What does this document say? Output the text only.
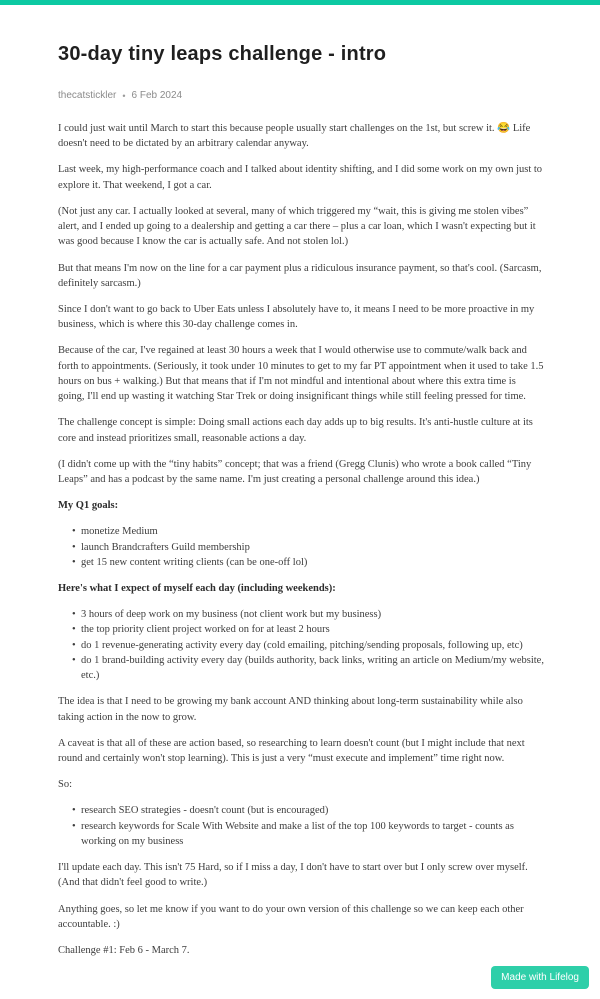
30-day tiny leaps challenge - intro
thecatstickler • 6 Feb 2024

I could just wait until March to start this because people usually start challenges on the 1st, but screw it. 😂 Life doesn't need to be dictated by an arbitrary calendar anyway.

Last week, my high-performance coach and I talked about identity shifting, and I did some work on my own just to explore it. That weekend, I got a car.

(Not just any car. I actually looked at several, many of which triggered my “wait, this is giving me stolen vibes” alert, and I ended up going to a dealership and getting a car there – plus a car loan, which I wasn't expecting but it was good because I know the car is actually safe. And not stolen lol.)

But that means I'm now on the line for a car payment plus a ridiculous insurance payment, so that's cool. (Sarcasm, definitely sarcasm.)

Since I don't want to go back to Uber Eats unless I absolutely have to, it means I need to be more proactive in my business, which is where this 30-day challenge comes in.

Because of the car, I've regained at least 30 hours a week that I would otherwise use to commute/walk back and forth to appointments. (Seriously, it took under 10 minutes to get to my far PT appointment when it used to take 1.5 hours on bus + walking.) But that means that if I'm not mindful and intentional about where this extra time is going, I'll end up wasting it watching Star Trek or doing insignificant things while still feeling pressed for time.

The challenge concept is simple: Doing small actions each day adds up to big results. It's anti-hustle culture at its core and instead prioritizes small, reasonable actions a day.

(I didn't come up with the “tiny habits” concept; that was a friend (Gregg Clunis) who wrote a book called “Tiny Leaps” and has a podcast by the same name. I'm just creating a personal challenge around this idea.)

My Q1 goals:
• monetize Medium
• launch Brandcrafters Guild membership
• get 15 new content writing clients (can be one-off lol)
Here's what I expect of myself each day (including weekends):
• 3 hours of deep work on my business (not client work but my business)
• the top priority client project worked on for at least 2 hours
• do 1 revenue-generating activity every day (cold emailing, pitching/sending proposals, following up, etc)
• do 1 brand-building activity every day (builds authority, back links, writing an article on Medium/my website, etc.)

The idea is that I need to be growing my bank account AND thinking about long-term sustainability while also taking action in the now to grow.

A caveat is that all of these are action based, so researching to learn doesn't count (but I might include that next round and certainly won't stop learning). This is just a very “must execute and implement” time right now.

So:

• research SEO strategies - doesn't count (but is encouraged)
• research keywords for Scale With Website and make a list of the top 100 keywords to target - counts as working on my business

I'll update each day. This isn't 75 Hard, so if I miss a day, I don't have to start over but I only screw over myself. (And that didn't feel good to write.)

Anything goes, so let me know if you want to do your own version of this challenge so we can keep each other accountable. :)

Challenge #1: Feb 6 - March 7.

Made with Lifelog
